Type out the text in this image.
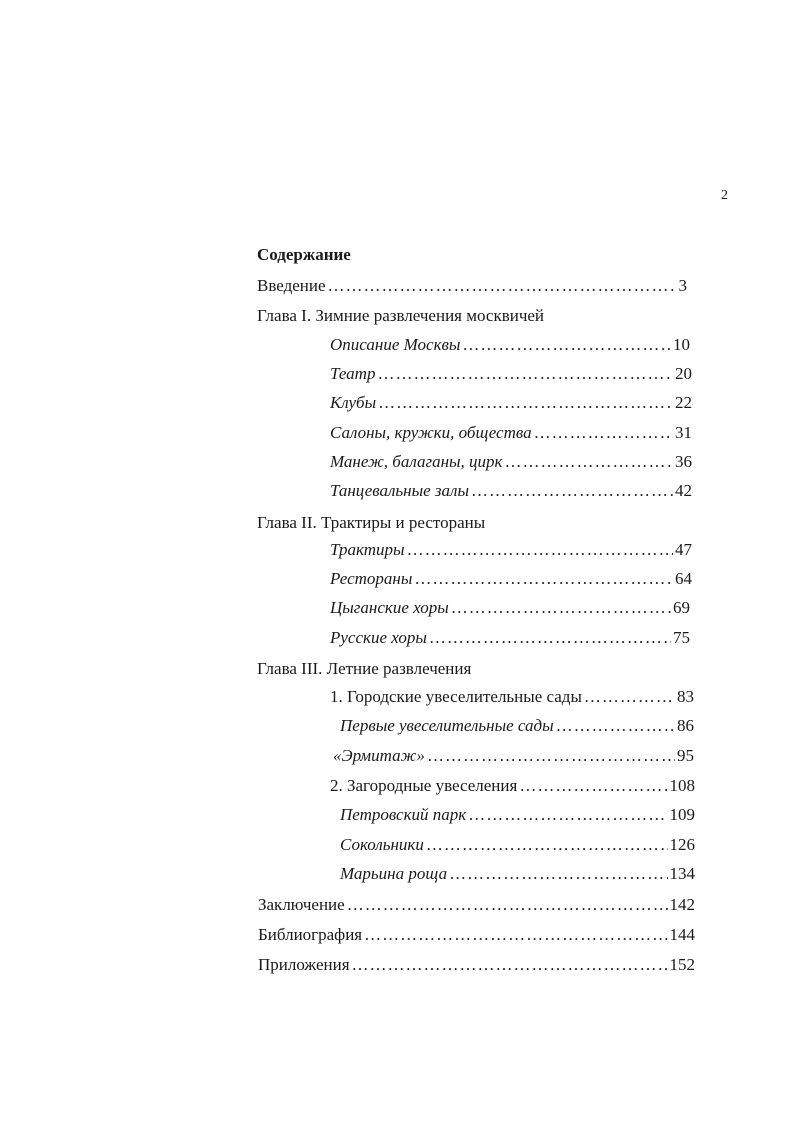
2
Содержание
Введение ……………………………………………………………………………………………………	3
Глава I. Зимние развлечения москвичей
Описание Москвы ……………………………………………………………………………………………………	10
Театр ……………………………………………………………………………………………………	20
Клубы ……………………………………………………………………………………………………	22
Салоны, кружки, общества ……………………………………………………………………………………………………	31
Манеж, балаганы, цирк ……………………………………………………………………………………………………	36
Танцевальные залы ……………………………………………………………………………………………………	42
Глава II. Трактиры и рестораны
Трактиры ……………………………………………………………………………………………………	47
Рестораны ……………………………………………………………………………………………………	64
Цыганские хоры ……………………………………………………………………………………………………	69
Русские хоры ……………………………………………………………………………………………………	75
Глава III. Летние развлечения
1. Городские увеселительные сады ……………………………………………………………………………………………………	83
Первые увеселительные сады ……………………………………………………………………………………………………	86
«Эрмитаж» ……………………………………………………………………………………………………	95
2. Загородные увеселения ……………………………………………………………………………………………………	108
Петровский парк ……………………………………………………………………………………………………	109
Сокольники ……………………………………………………………………………………………………	126
Марьина роща ……………………………………………………………………………………………………	134
Заключение ……………………………………………………………………………………………………	142
Библиография ……………………………………………………………………………………………………	144
Приложения ……………………………………………………………………………………………………	152
